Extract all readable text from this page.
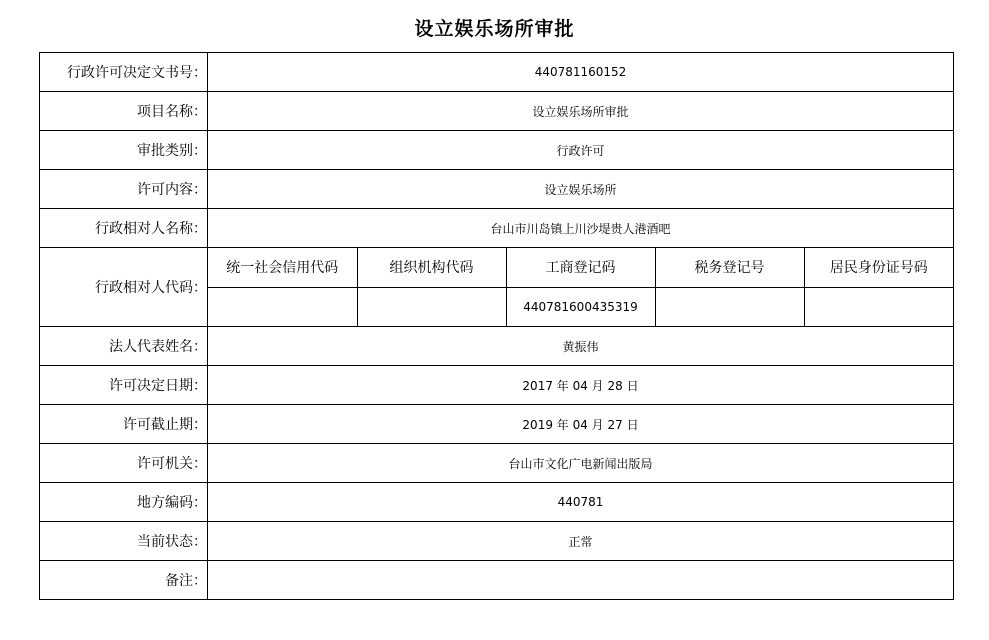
设立娱乐场所审批
行政许可决定文书号：	440781160152
项目名称：	设立娱乐场所审批
审批类别：	行政许可
许可内容：	设立娱乐场所
行政相对人名称：	台山市川岛镇上川沙堤贵人港酒吧
行政相对人代码：	
统一社会信用代码	组织机构代码	工商登记码	税务登记号	居民身份证号码
		440781600435319		

法人代表姓名：	黄振伟
许可决定日期：	2017 年 04 月 28 日
许可截止期：	2019 年 04 月 27 日
许可机关：	台山市文化广电新闻出版局
地方编码：	440781
当前状态：	正常
备注：	
